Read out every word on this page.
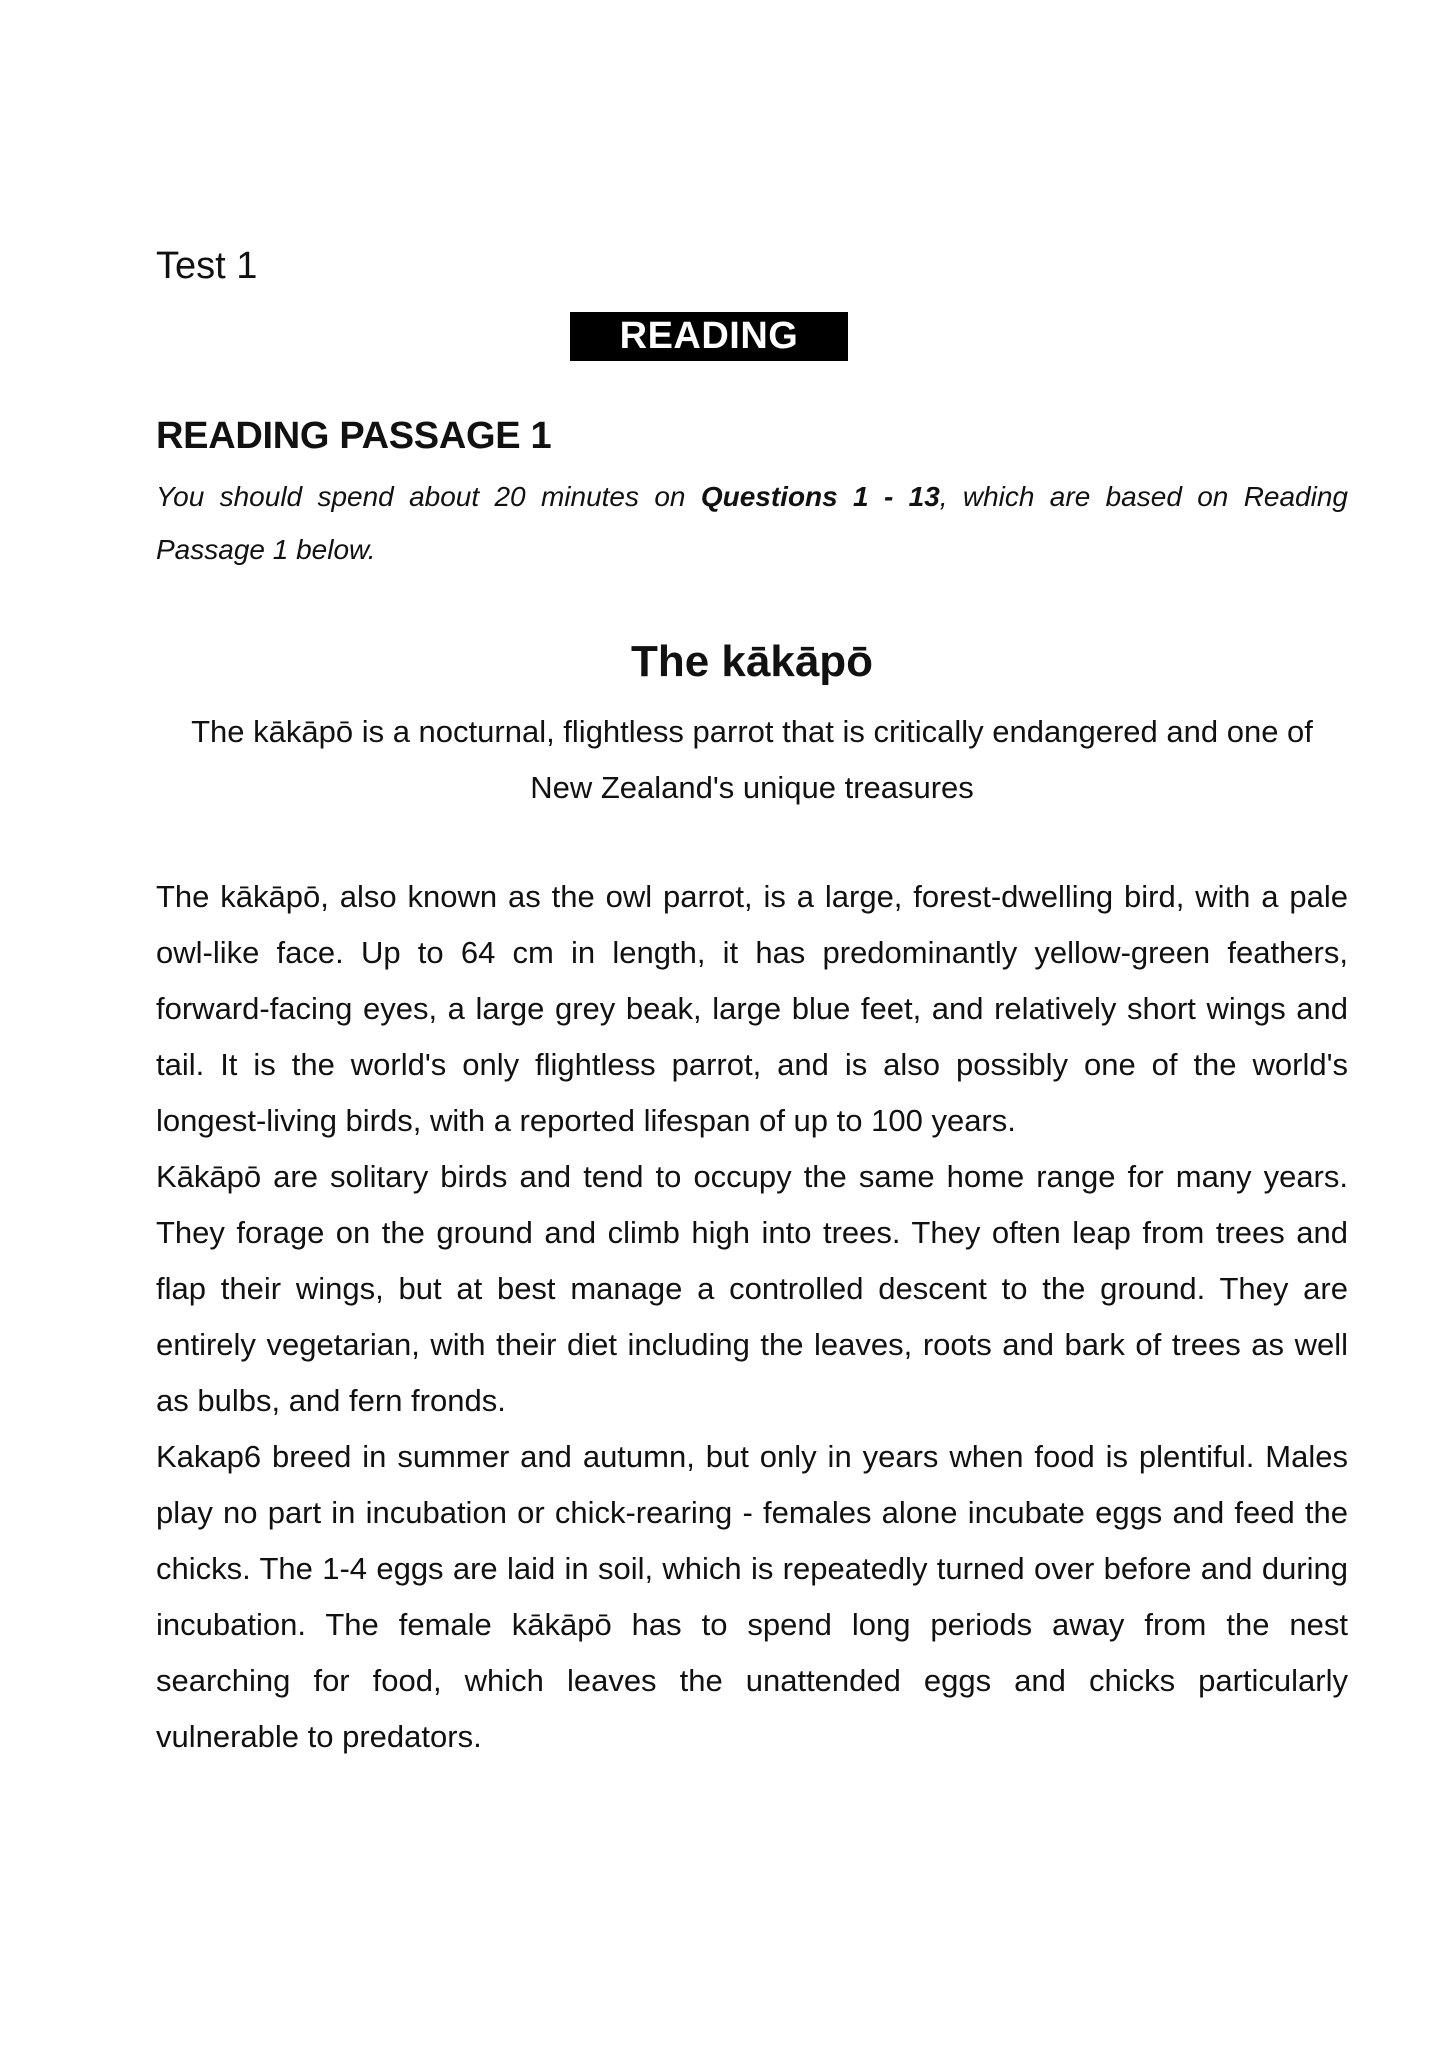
Test 1
READING
READING PASSAGE 1
You should spend about 20 minutes on Questions 1 - 13, which are based on Reading Passage 1 below.
The kākāpō
The kākāpō is a nocturnal, flightless parrot that is critically endangered and one of New Zealand's unique treasures

The kākāpō, also known as the owl parrot, is a large, forest-dwelling bird, with a pale owl-like face. Up to 64 cm in length, it has predominantly yellow-green feathers, forward-facing eyes, a large grey beak, large blue feet, and relatively short wings and tail. It is the world's only flightless parrot, and is also possibly one of the world's longest-living birds, with a reported lifespan of up to 100 years.

Kākāpō are solitary birds and tend to occupy the same home range for many years. They forage on the ground and climb high into trees. They often leap from trees and flap their wings, but at best manage a controlled descent to the ground. They are entirely vegetarian, with their diet including the leaves, roots and bark of trees as well as bulbs, and fern fronds.

Kakap6 breed in summer and autumn, but only in years when food is plentiful. Males play no part in incubation or chick-rearing - females alone incubate eggs and feed the chicks. The 1-4 eggs are laid in soil, which is repeatedly turned over before and during incubation. The female kākāpō has to spend long periods away from the nest searching for food, which leaves the unattended eggs and chicks particularly vulnerable to predators.
